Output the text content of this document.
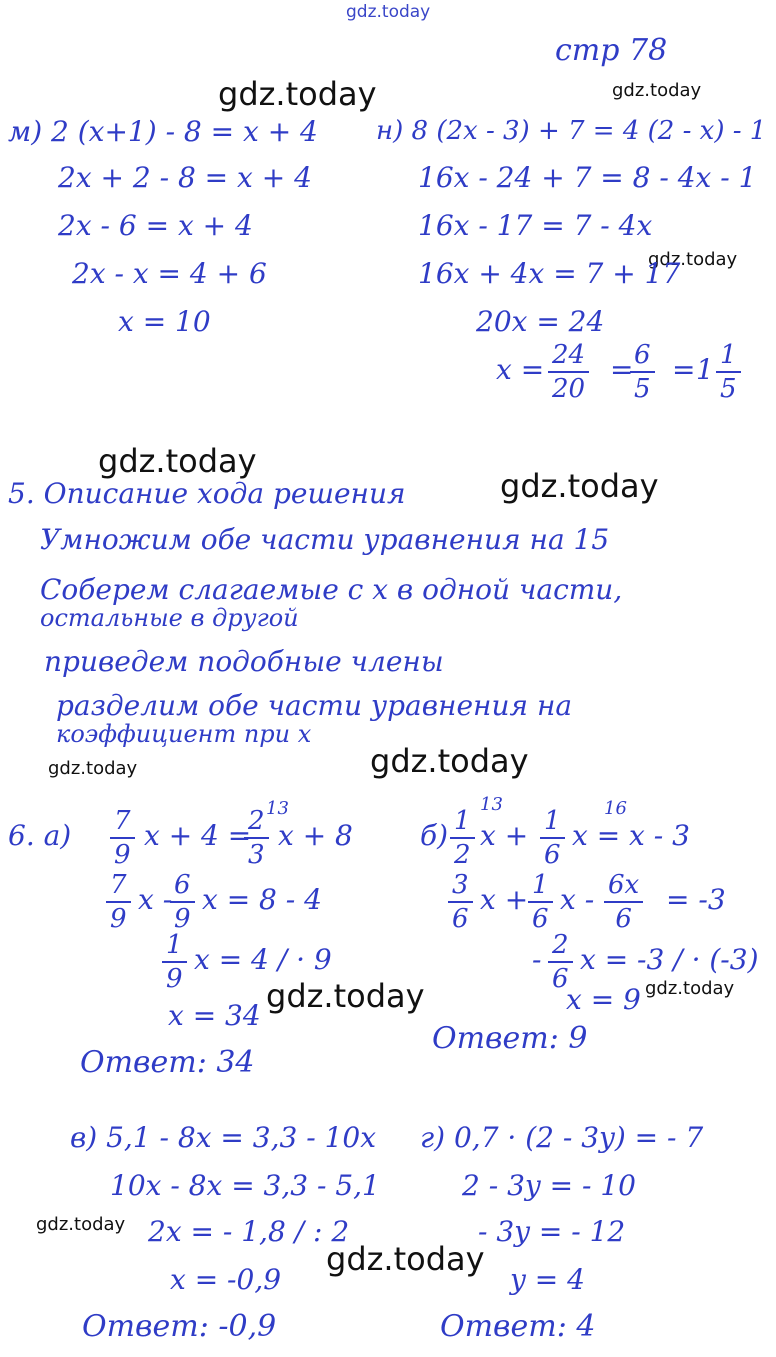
gdz.today
gdz.today	gdz.today
gdz.today
gdz.today
gdz.today
gdz.today
gdz.today
gdz.today	gdz.today
gdz.today
gdz.today
стр 78
м) 2 (x+1) - 8 = x + 4
2x + 2 - 8 = x + 4
2x - 6 = x + 4
2x - x = 4 + 6
x = 10
н) 8 (2x - 3) + 7 = 4 (2 - x) - 1
16x - 24 + 7 = 8 - 4x - 1
16x - 17 = 7 - 4x
16x + 4x = 7 + 17
20x = 24
$x = \frac{24}{20}$ =
$\frac{6}{5} = 1 \frac{1}{5}$
5. Описание хода решения
Умножим обе части уравнения на 15
Соберем слагаемые с x в одной части,
остальные в другой
приведем подобные члены
разделим обе части уравнения на
коэффициент при x
6. $а) \frac{7}{9}$ x + 4 =
$\frac{2}{3}$
13
x + 8
$\frac{7}{9}$ x -
$\frac{6}{9}$ x = 8 - 4
$\frac{1}{9}$ x = 4 / · 9
x = 34
Ответ: 34
$б) \frac{1}{2}$
13
$x + \frac{1}{6} 16$
x = x - 3
$\frac{3}{6}$ $x + \frac{1}{6}$ $x - \frac{6x}{6} = -3$
- $\frac{2}{6}$ x = -3 / · (-3)
x = 9
Ответ: 9
в) 5,1 - 8x = 3,3 - 10x
10x - 8x = 3,3 - 5,1
2x = - 1,8 / : 2
x = -0,9
Ответ: -0,9
г) 0,7 · (2 - 3y) = - 7
2 - 3y = - 10
- 3y = - 12
y = 4
Ответ: 4
